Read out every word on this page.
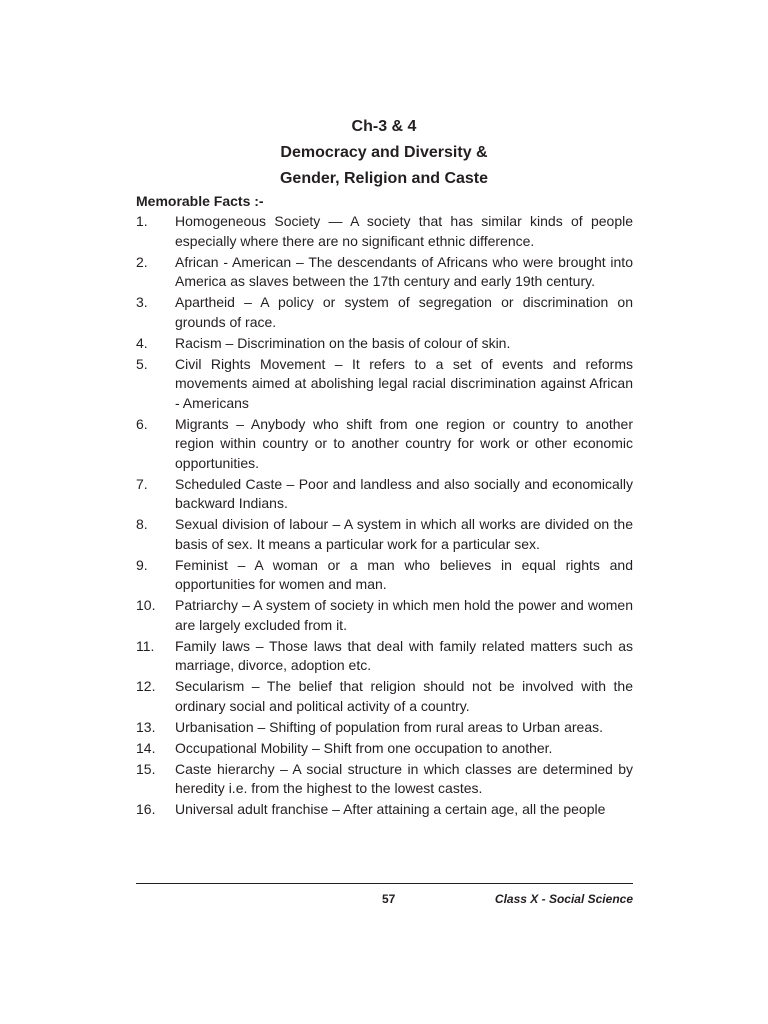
Ch-3 & 4
Democracy and Diversity &
Gender, Religion and Caste
Memorable Facts :-
1.	Homogeneous Society — A society that has similar kinds of people especially where there are no significant ethnic difference.
2.	African - American – The descendants of Africans who were brought into America as slaves between the 17th century and early 19th century.
3.	Apartheid – A policy or system of segregation or discrimination on grounds of race.
4.	Racism – Discrimination on the basis of colour of skin.
5.	Civil Rights Movement – It refers to a set of events and reforms movements aimed at abolishing legal racial discrimination against African - Americans
6.	Migrants – Anybody who shift from one region or country to another region within country or to another country for work or other economic opportunities.
7.	Scheduled Caste – Poor and landless and also socially and economically backward Indians.
8.	Sexual division of labour – A system in which all works are divided on the basis of sex. It means a particular work for a particular sex.
9.	Feminist – A woman or a man who believes in equal rights and opportunities for women and man.
10.	Patriarchy – A system of society in which men hold the power and women are largely excluded from it.
11.	Family laws – Those laws that deal with family related matters such as marriage, divorce, adoption etc.
12.	Secularism – The belief that religion should not be involved with the ordinary social and political activity of a country.
13.	Urbanisation – Shifting of population from rural areas to Urban areas.
14.	Occupational Mobility – Shift from one occupation to another.
15.	Caste hierarchy – A social structure in which classes are determined by heredity i.e. from the highest to the lowest castes.
16.	Universal adult franchise – After attaining a certain age, all the people
57	Class X - Social Science
